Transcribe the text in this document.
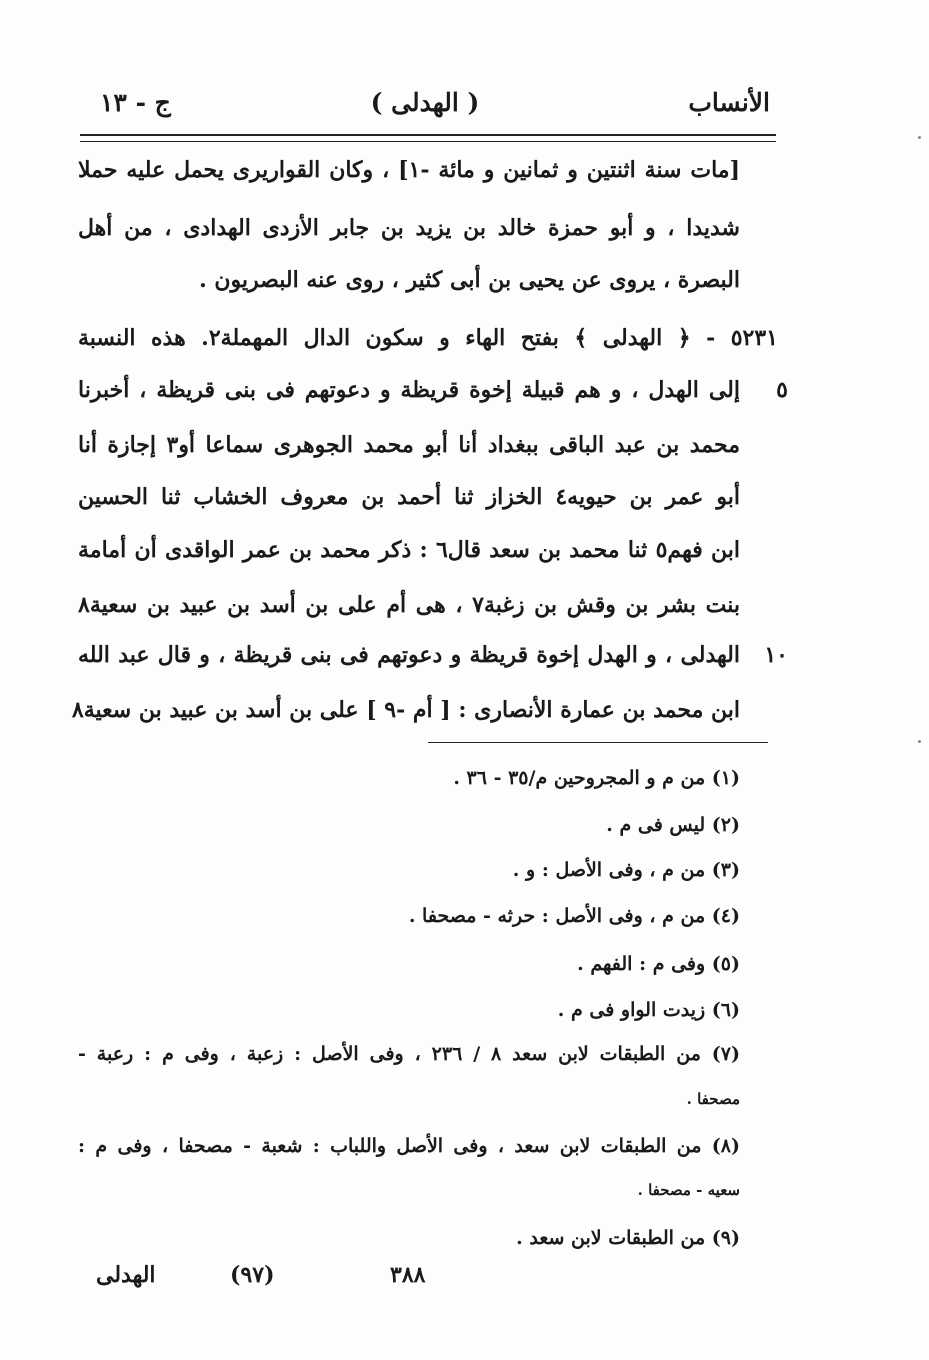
الأنساب
( الهدلى )
ج - ١٣
[مات سنة اثنتين و ثمانين و مائة -١] ، وكان القواريرى يحمل عليه حملا
شديدا ، و أبو حمزة خالد بن يزيد بن جابر الأزدى الهدادى ، من أهل
البصرة ، يروى عن يحيى بن أبى كثير ، روى عنه البصريون .
٥٢٣١ - ﴿ الهدلى ﴾ بفتح الهاء و سكون الدال المهملة٢. هذه النسبة
٥
إلى الهدل ، و هم قبيلة إخوة قريظة و دعوتهم فى بنى قريظة ، أخبرنا
محمد بن عبد الباقى ببغداد أنا أبو محمد الجوهرى سماعا أو٣ إجازة أنا
أبو عمر بن حيويه٤ الخزاز ثنا أحمد بن معروف الخشاب ثنا الحسين
ابن فهم٥ ثنا محمد بن سعد قال٦ : ذكر محمد بن عمر الواقدى أن أمامة
بنت بشر بن وقش بن زغبة٧ ، هى أم على بن أسد بن عبيد بن سعية٨
١٠
الهدلى ، و الهدل إخوة قريظة و دعوتهم فى بنى قريظة ، و قال عبد الله
ابن محمد بن عمارة الأنصارى : [ أم -٩ ] على بن أسد بن عبيد بن سعية٨
(١) من م و المجروحين م/٣٥ - ٣٦ .
(٢) ليس فى م .
(٣) من م ، وفى الأصل : و .
(٤) من م ، وفى الأصل : حرثه - مصحفا .
(٥) وفى م : الفهم .
(٦) زيدت الواو فى م .
(٧) من الطبقات لابن سعد ٨ / ٢٣٦ ، وفى الأصل : زعبة ، وفى م : رعبة -
مصحفا .
(٨) من الطبقات لابن سعد ، وفى الأصل واللباب : شعبة - مصحفا ، وفى م :
سعيه - مصحفا .
(٩) من الطبقات لابن سعد .
الهدلى	(٩٧)	٣٨٨
